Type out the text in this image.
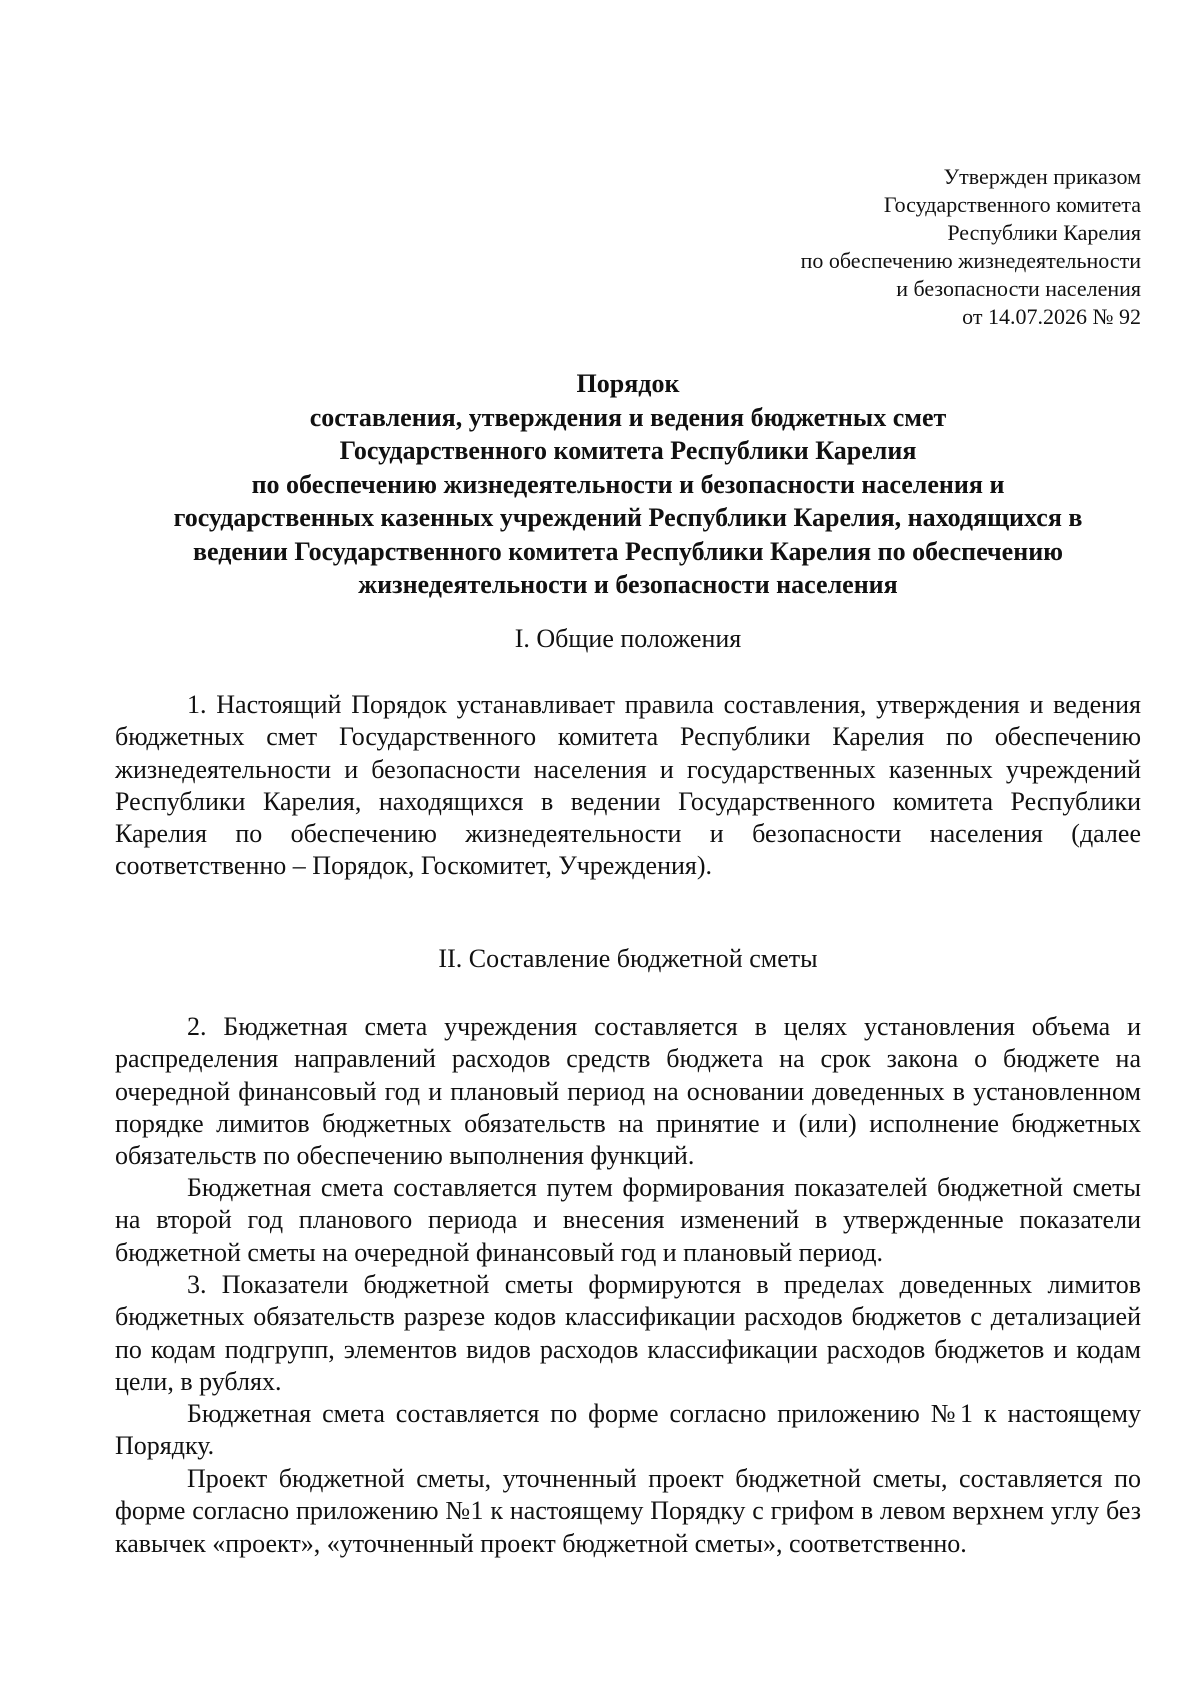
Утвержден приказом
Государственного комитета
Республики Карелия
по обеспечению жизнедеятельности
и безопасности населения
от 14.07.2026 № 92
Порядок
составления, утверждения и ведения бюджетных смет
Государственного комитета Республики Карелия
по обеспечению жизнедеятельности и безопасности населения и
государственных казенных учреждений Республики Карелия, находящихся в
ведении Государственного комитета Республики Карелия по обеспечению
жизнедеятельности и безопасности населения
I. Общие положения

1. Настоящий Порядок устанавливает правила составления, утверждения и ведения бюджетных смет Государственного комитета Республики Карелия по обеспечению жизнедеятельности и безопасности населения и государственных казенных учреждений Республики Карелия, находящихся в ведении Государственного комитета Республики Карелия по обеспечению жизнедеятельности и безопасности населения (далее соответственно – Порядок, Госкомитет, Учреждения).

II. Составление бюджетной сметы

2. Бюджетная смета учреждения составляется в целях установления объема и распределения направлений расходов средств бюджета на срок закона о бюджете на очередной финансовый год и плановый период на основании доведенных в установленном порядке лимитов бюджетных обязательств на принятие и (или) исполнение бюджетных обязательств по обеспечению выполнения функций.

Бюджетная смета составляется путем формирования показателей бюджетной сметы на второй год планового периода и внесения изменений в утвержденные показатели бюджетной сметы на очередной финансовый год и плановый период.

3. Показатели бюджетной сметы формируются в пределах доведенных лимитов бюджетных обязательств разрезе кодов классификации расходов бюджетов с детализацией по кодам подгрупп, элементов видов расходов классификации расходов бюджетов и кодам цели, в рублях.

Бюджетная смета составляется по форме согласно приложению №1 к настоящему Порядку.

Проект бюджетной сметы, уточненный проект бюджетной сметы, составляется по форме согласно приложению №1 к настоящему Порядку с грифом в левом верхнем углу без кавычек «проект», «уточненный проект бюджетной сметы», соответственно.
